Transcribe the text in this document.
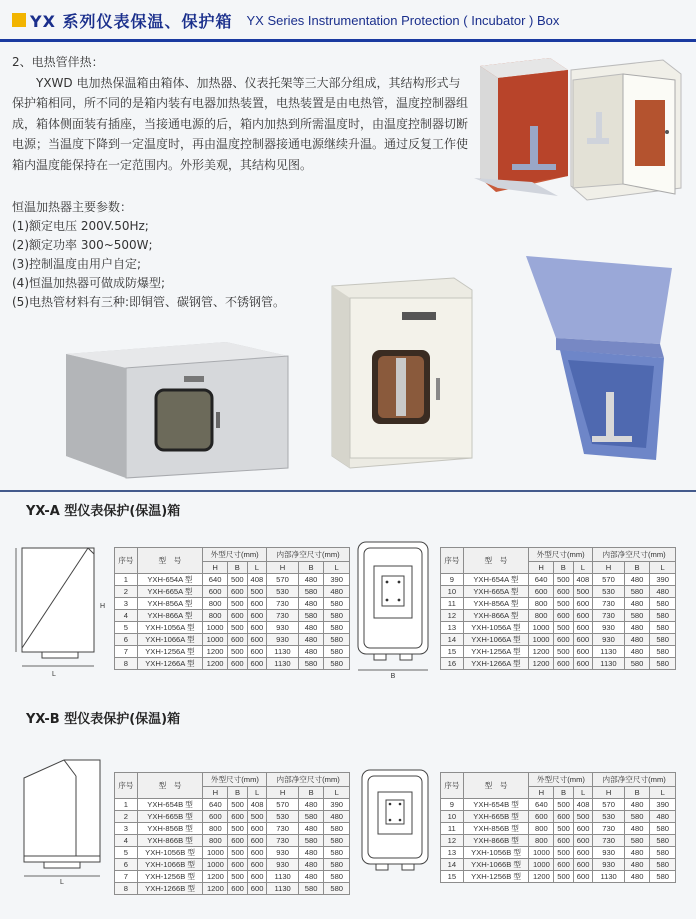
YX 系列仪表保温、保护箱 YX Series Instrumentation Protection ( Incubator ) Box
2、电热管伴热：
YXWD 电加热保温箱由箱体、加热器、仪表托架等三大部分组成，其结构形式与保护箱相同，所不同的是箱内装有电器加热装置，电热装置是由电热管，温度控制器组成，箱体侧面装有插座，当接通电源的后，箱内加热到所需温度时，由温度控制器切断电源；当温度下降到一定温度时，再由温度控制器接通电源继续升温。通过反复工作使箱内温度能保持在一定范围内。外形美观，其结构见图。
恒温加热器主要参数：
(1)额定电压 200V.50Hz;
(2)额定功率 300~500W;
(3)控制温度由用户自定;
(4)恒温加热器可做成防爆型;
(5)电热管材料有三种:即铜管、碳钢管、不锈钢管。
YX-A 型仪表保护(保温)箱
L
H
序号	型　号	外型尺寸(mm)			内部净空尺寸(mm)		
		H	B	L	H	B	L
1	YXH-654A 型	640	500	408	570	480	390
2	YXH-665A 型	600	600	500	530	580	480
3	YXH-856A 型	800	500	600	730	480	580
4	YXH-866A 型	800	600	600	730	580	580
5	YXH-1056A 型	1000	500	600	930	480	580
6	YXH-1066A 型	1000	600	600	930	480	580
7	YXH-1256A 型	1200	500	600	1130	480	580
8	YXH-1266A 型	1200	600	600	1130	580	580
B
序号	型　号	外型尺寸(mm)			内部净空尺寸(mm)		
		H	B	L	H	B	L
9	YXH-654A 型	640	500	408	570	480	390
10	YXH-665A 型	600	600	500	530	580	480
11	YXH-856A 型	800	500	600	730	480	580
12	YXH-866A 型	800	600	600	730	580	580
13	YXH-1056A 型	1000	500	600	930	480	580
14	YXH-1066A 型	1000	600	600	930	480	580
15	YXH-1256A 型	1200	500	600	1130	480	580
16	YXH-1266A 型	1200	600	600	1130	580	580
YX-B 型仪表保护(保温)箱
L
序号	型　号	外型尺寸(mm)			内部净空尺寸(mm)		
		H	B	L	H	B	L
1	YXH-654B 型	640	500	408	570	480	390
2	YXH-665B 型	600	600	500	530	580	480
3	YXH-856B 型	800	500	600	730	480	580
4	YXH-866B 型	800	600	600	730	580	580
5	YXH-1056B 型	1000	500	600	930	480	580
6	YXH-1066B 型	1000	600	600	930	480	580
7	YXH-1256B 型	1200	500	600	1130	480	580
8	YXH-1266B 型	1200	600	600	1130	580	580
序号	型　号	外型尺寸(mm)			内部净空尺寸(mm)		
		H	B	L	H	B	L
9	YXH-654B 型	640	500	408	570	480	390
10	YXH-665B 型	600	600	500	530	580	480
11	YXH-856B 型	800	500	600	730	480	580
12	YXH-866B 型	800	600	600	730	580	580
13	YXH-1056B 型	1000	500	600	930	480	580
14	YXH-1066B 型	1000	600	600	930	480	580
15	YXH-1256B 型	1200	500	600	1130	480	580
